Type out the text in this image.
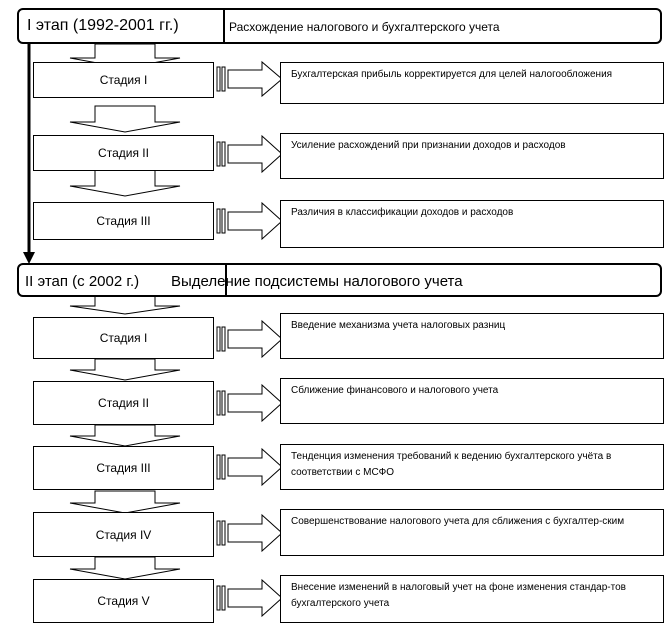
I этап (1992-2001 гг.)	Расхождение налогового и бухгалтерского учета
Стадия I	Бухгалтерская прибыль корректируется для целей налогообложения
Стадия II
Усиление расхождений при признании доходов и расходов
Стадия III
Различия в классификации доходов и расходов
II этап (с 2002 г.) Выделение подсистемы налогового учета
Стадия I
Введение механизма учета налоговых разниц
Стадия II
Сближение финансового и налогового учета
Стадия III
Тенденция изменения требований к ведению бухгалтерского учёта в соответствии с МСФО
Стадия IV
Совершенствование налогового учета для сближения с бухгалтер-ским
Стадия V
Внесение изменений в налоговый учет на фоне изменения стандар-тов бухгалтерского учета
